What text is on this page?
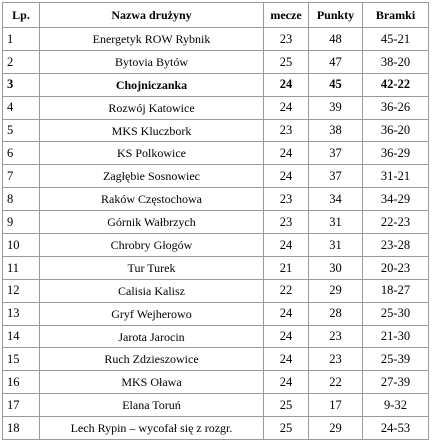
Lp.	Nazwa drużyny	mecze	Punkty	Bramki
1	Energetyk ROW Rybnik	23	48	45-21
2	Bytovia Bytów	25	47	38-20
3	Chojniczanka	24	45	42-22
4	Rozwój Katowice	24	39	36-26
5	MKS Kluczbork	23	38	36-20
6	KS Polkowice	24	37	36-29
7	Zagłębie Sosnowiec	24	37	31-21
8	Raków Częstochowa	23	34	34-29
9	Górnik Wałbrzych	23	31	22-23
10	Chrobry Głogów	24	31	23-28
11	Tur Turek	21	30	20-23
12	Calisia Kalisz	22	29	18-27
13	Gryf Wejherowo	24	28	25-30
14	Jarota Jarocin	24	23	21-30
15	Ruch Zdzieszowice	24	23	25-39
16	MKS Oława	24	22	27-39
17	Elana Toruń	25	17	9-32
18	Lech Rypin – wycofał się z rozgr.	25	29	24-53
